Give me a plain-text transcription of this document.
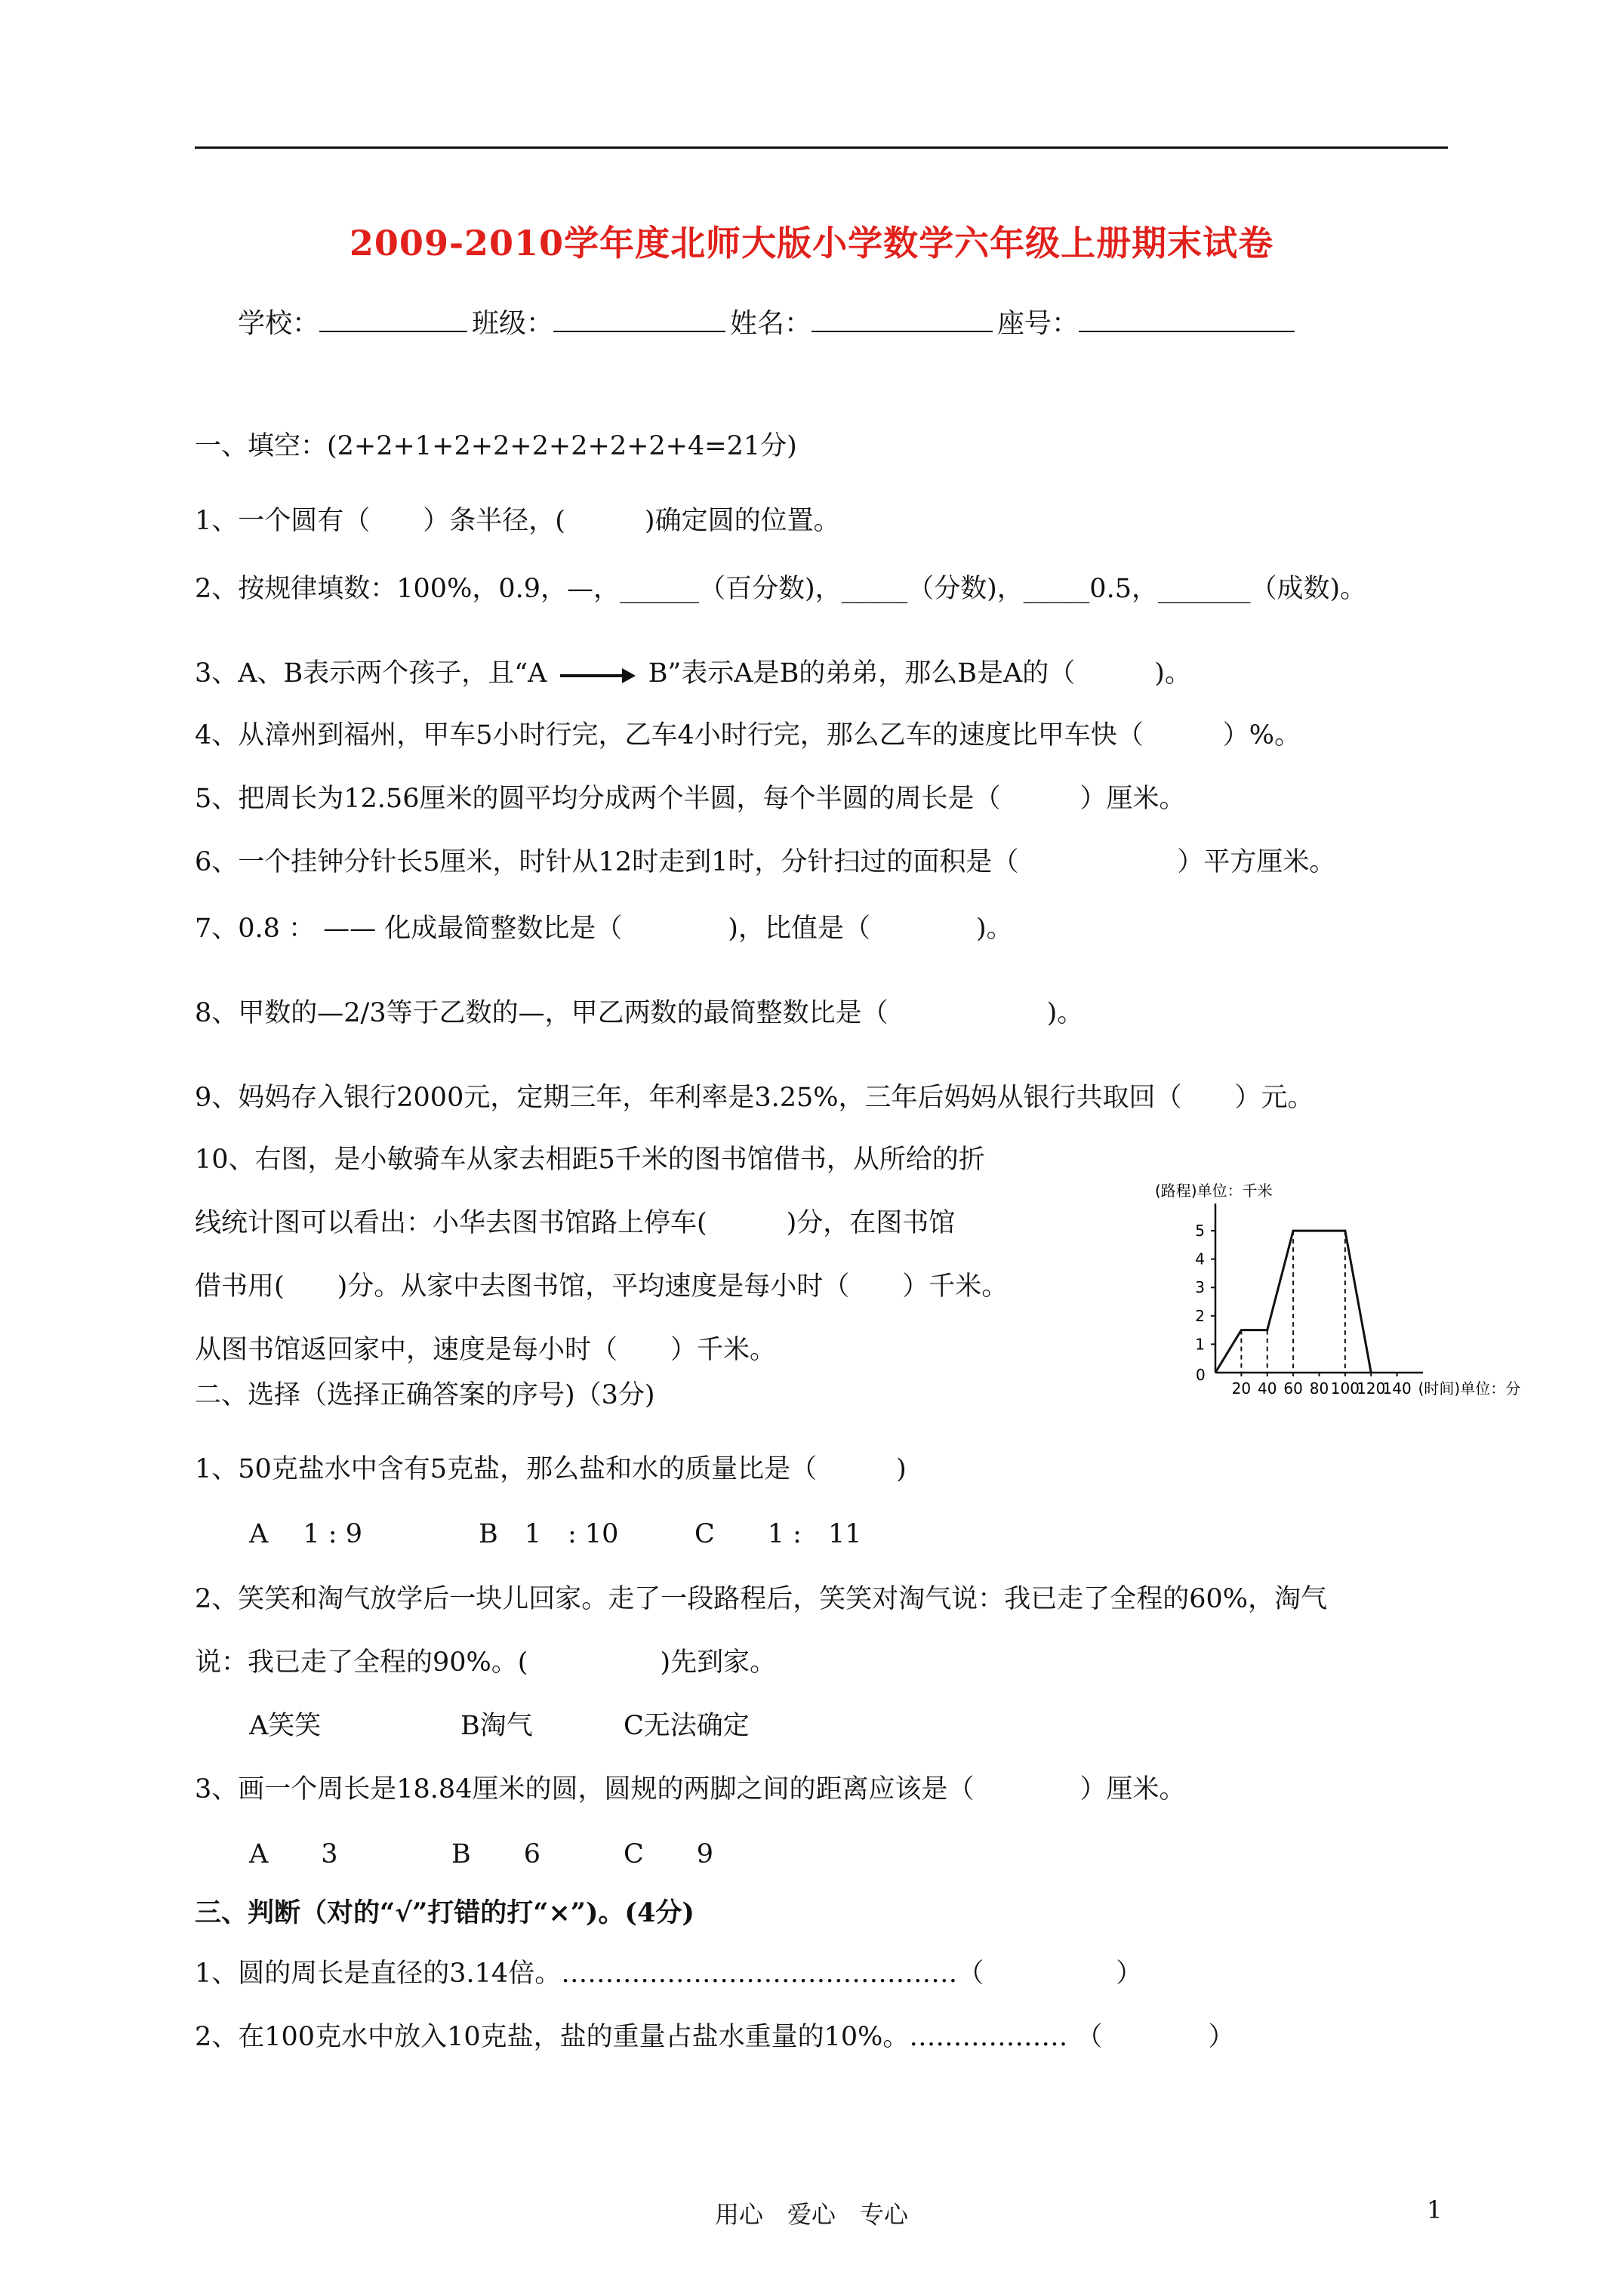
2009-2010学年度北师大版小学数学六年级上册期末试卷
学校：	班级：	姓名：	座号：
一、填空：(2+2+1+2+2+2+2+2+2+4=21分)
1、一个圆有（　　）条半径，(　　　)确定圆的位置。
2、按规律填数：100%，0.9，—，______（百分数)，_____（分数)，_____0.5，_______（成数)。
3、A、B表示两个孩子，且“A	B”表示A是B的弟弟，那么B是A的（　　　)。
4、从漳州到福州，甲车5小时行完，乙车4小时行完，那么乙车的速度比甲车快（　　　）%。
5、把周长为12.56厘米的圆平均分成两个半圆，每个半圆的周长是（　　　）厘米。
6、一个挂钟分针长5厘米，时针从12时走到1时，分针扫过的面积是（　　　　　　）平方厘米。
7、0.8 ： —— 化成最简整数比是（　　　　)，比值是（　　　　)。
8、甲数的—2/3等于乙数的—，甲乙两数的最简整数比是（　　　　　　)。
9、妈妈存入银行2000元，定期三年，年利率是3.25%，三年后妈妈从银行共取回（　　）元。
10、右图，是小敏骑车从家去相距5千米的图书馆借书，从所给的折
线统计图可以看出：小华去图书馆路上停车(　　　)分，在图书馆
借书用(　　)分。从家中去图书馆，平均速度是每小时（　　）千米。
从图书馆返回家中，速度是每小时（　　）千米。
(路程)单位：千米
1
2
3
4
5
20 40 60 80 100
120
140 (时间)单位：分
0
二、选择（选择正确答案的序号)（3分)
1、50克盐水中含有5克盐，那么盐和水的质量比是（　　　)
A　 1 : 9	B　1　: 10	C　　1 :　11
2、笑笑和淘气放学后一块儿回家。走了一段路程后，笑笑对淘气说：我已走了全程的60%，淘气
说：我已走了全程的90%。(　　　　　)先到家。
A笑笑	B淘气	C无法确定
3、画一个周长是18.84厘米的圆，圆规的两脚之间的距离应该是（　　　　）厘米。
A　　3	B　　6	C　　9
三、判断（对的“√”打错的打“×”)。(4分)
1、圆的周长是直径的3.14倍。………………………………………（　　　　　）
2、在100克水中放入10克盐，盐的重量占盐水重量的10%。……………… （　　　　）
用心　爱心　专心	1
